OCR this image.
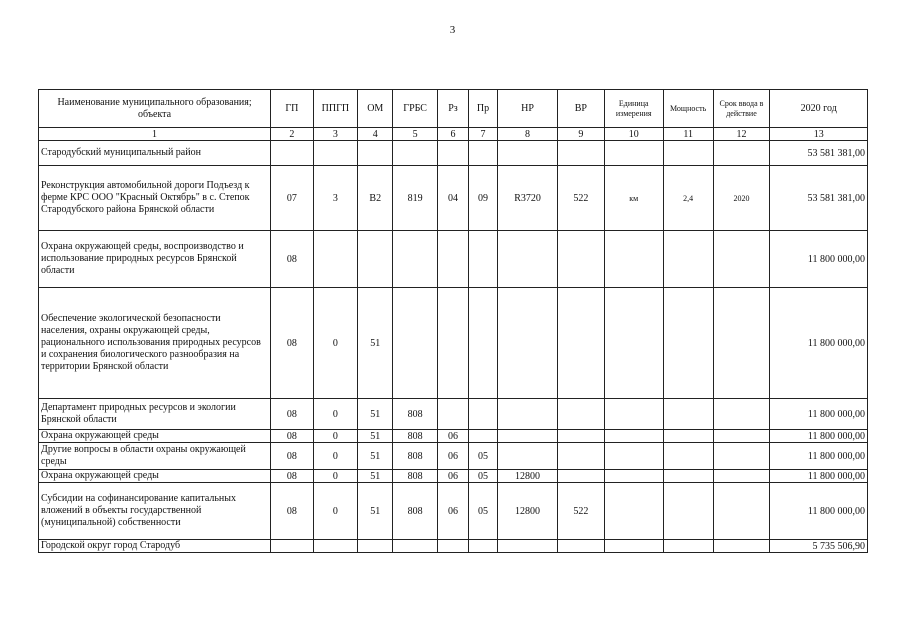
3
Наименование муниципального образования; объекта	ГП	ППГП	ОМ	ГРБС	Рз	Пр	НР	ВР	Единица измерения	Мощность	Срок ввода в действие	2020 год
1	2	3	4	5	6	7	8	9	10	11	12	13
Стародубский муниципальный район												53 581 381,00
Реконструкция автомобильной дороги Подъезд к ферме КРС ООО "Красный Октябрь" в с. Степок Стародубского района Брянской области	07	3	В2	819	04	09	R3720	522	км	2,4	2020	53 581 381,00
Охрана окружающей среды, воспроизводство и использование природных ресурсов Брянской области	08											11 800 000,00
Обеспечение экологической безопасности населения, охраны окружающей среды, рационального использования природных ресурсов и сохранения биологического разнообразия на территории Брянской области	08	0	51									11 800 000,00
Департамент природных ресурсов и экологии Брянской области	08	0	51	808								11 800 000,00
Охрана окружающей среды	08	0	51	808	06							11 800 000,00
Другие вопросы в области охраны окружающей среды	08	0	51	808	06	05						11 800 000,00
Охрана окружающей среды	08	0	51	808	06	05	12800					11 800 000,00
Субсидии на софинансирование капитальных вложений в объекты государственной (муниципальной) собственности	08	0	51	808	06	05	12800	522				11 800 000,00
Городской округ город Стародуб												5 735 506,90
